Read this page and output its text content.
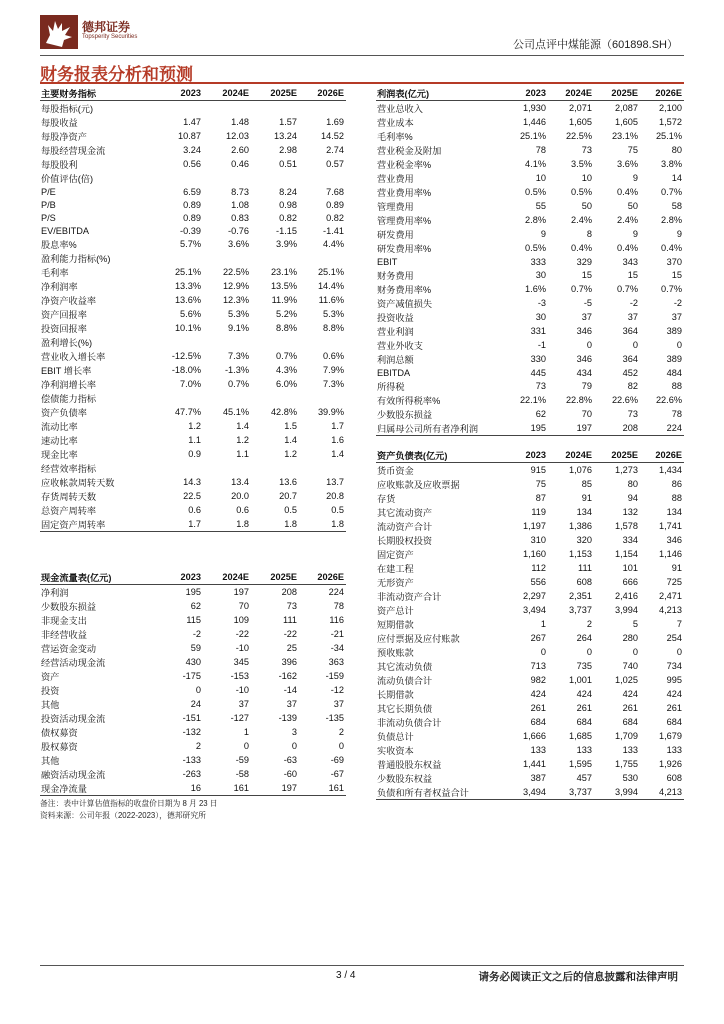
德邦证券
Topsperity Securities
公司点评中煤能源（601898.SH）
财务报表分析和预测
主要财务指标	2023	2024E	2025E	2026E
每股指标(元)				
每股收益	1.47	1.48	1.57	1.69
每股净资产	10.87	12.03	13.24	14.52
每股经营现金流	3.24	2.60	2.98	2.74
每股股利	0.56	0.46	0.51	0.57
价值评估(倍)				
P/E	6.59	8.73	8.24	7.68
P/B	0.89	1.08	0.98	0.89
P/S	0.89	0.83	0.82	0.82
EV/EBITDA	-0.39	-0.76	-1.15	-1.41
股息率%	5.7%	3.6%	3.9%	4.4%
盈利能力指标(%)				
毛利率	25.1%	22.5%	23.1%	25.1%
净利润率	13.3%	12.9%	13.5%	14.4%
净资产收益率	13.6%	12.3%	11.9%	11.6%
资产回报率	5.6%	5.3%	5.2%	5.3%
投资回报率	10.1%	9.1%	8.8%	8.8%
盈利增长(%)				
营业收入增长率	-12.5%	7.3%	0.7%	0.6%
EBIT 增长率	-18.0%	-1.3%	4.3%	7.9%
净利润增长率	7.0%	0.7%	6.0%	7.3%
偿债能力指标				
资产负债率	47.7%	45.1%	42.8%	39.9%
流动比率	1.2	1.4	1.5	1.7
速动比率	1.1	1.2	1.4	1.6
现金比率	0.9	1.1	1.2	1.4
经营效率指标				
应收帐款周转天数	14.3	13.4	13.6	13.7
存货周转天数	22.5	20.0	20.7	20.8
总资产周转率	0.6	0.6	0.5	0.5
固定资产周转率	1.7	1.8	1.8	1.8
利润表(亿元)	2023	2024E	2025E	2026E
营业总收入	1,930	2,071	2,087	2,100
营业成本	1,446	1,605	1,605	1,572
毛利率%	25.1%	22.5%	23.1%	25.1%
营业税金及附加	78	73	75	80
营业税金率%	4.1%	3.5%	3.6%	3.8%
营业费用	10	10	9	14
营业费用率%	0.5%	0.5%	0.4%	0.7%
管理费用	55	50	50	58
管理费用率%	2.8%	2.4%	2.4%	2.8%
研发费用	9	8	9	9
研发费用率%	0.5%	0.4%	0.4%	0.4%
EBIT	333	329	343	370
财务费用	30	15	15	15
财务费用率%	1.6%	0.7%	0.7%	0.7%
资产减值损失	-3	-5	-2	-2
投资收益	30	37	37	37
营业利润	331	346	364	389
营业外收支	-1	0	0	0
利润总额	330	346	364	389
EBITDA	445	434	452	484
所得税	73	79	82	88
有效所得税率%	22.1%	22.8%	22.6%	22.6%
少数股东损益	62	70	73	78
归属母公司所有者净利润	195	197	208	224
资产负债表(亿元)	2023	2024E	2025E	2026E
货币资金	915	1,076	1,273	1,434
应收账款及应收票据	75	85	80	86
存货	87	91	94	88
其它流动资产	119	134	132	134
流动资产合计	1,197	1,386	1,578	1,741
长期股权投资	310	320	334	346
固定资产	1,160	1,153	1,154	1,146
在建工程	112	111	101	91
无形资产	556	608	666	725
非流动资产合计	2,297	2,351	2,416	2,471
资产总计	3,494	3,737	3,994	4,213
短期借款	1	2	5	7
应付票据及应付账款	267	264	280	254
预收账款	0	0	0	0
其它流动负债	713	735	740	734
流动负债合计	982	1,001	1,025	995
长期借款	424	424	424	424
其它长期负债	261	261	261	261
非流动负债合计	684	684	684	684
负债总计	1,666	1,685	1,709	1,679
实收资本	133	133	133	133
普通股股东权益	1,441	1,595	1,755	1,926
少数股东权益	387	457	530	608
负债和所有者权益合计	3,494	3,737	3,994	4,213
现金流量表(亿元)	2023	2024E	2025E	2026E
净利润	195	197	208	224
少数股东损益	62	70	73	78
非现金支出	115	109	111	116
非经营收益	-2	-22	-22	-21
营运资金变动	59	-10	25	-34
经营活动现金流	430	345	396	363
资产	-175	-153	-162	-159
投资	0	-10	-14	-12
其他	24	37	37	37
投资活动现金流	-151	-127	-139	-135
债权募资	-132	1	3	2
股权募资	2	0	0	0
其他	-133	-59	-63	-69
融资活动现金流	-263	-58	-60	-67
现金净流量	16	161	197	161
备注：表中计算估值指标的收盘价日期为 8 月 23 日
资料来源：公司年报（2022-2023），德邦研究所
3 / 4	请务必阅读正文之后的信息披露和法律声明
